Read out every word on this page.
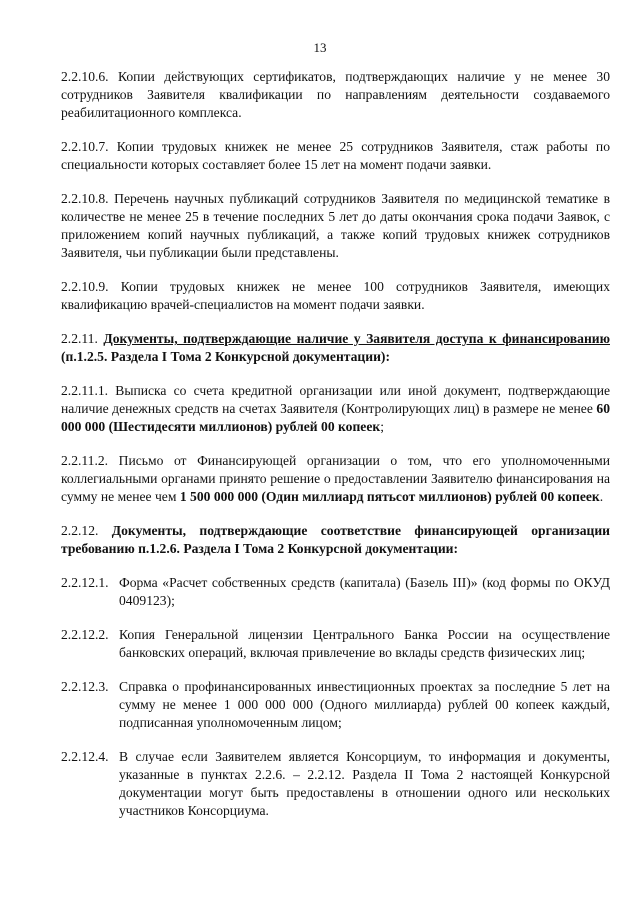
13

2.2.10.6. Копии действующих сертификатов, подтверждающих наличие у не менее 30 сотрудников Заявителя квалификации по направлениям деятельности создаваемого реабилитационного комплекса.

2.2.10.7. Копии трудовых книжек не менее 25 сотрудников Заявителя, стаж работы по специальности которых составляет более 15 лет на момент подачи заявки.

2.2.10.8. Перечень научных публикаций сотрудников Заявителя по медицинской тематике в количестве не менее 25 в течение последних 5 лет до даты окончания срока подачи Заявок, с приложением копий научных публикаций, а также копий трудовых книжек сотрудников Заявителя, чьи публикации были представлены.

2.2.10.9. Копии трудовых книжек не менее 100 сотрудников Заявителя, имеющих квалификацию врачей-специалистов на момент подачи заявки.

2.2.11. Документы, подтверждающие наличие у Заявителя доступа к финансированию (п.1.2.5. Раздела I Тома 2 Конкурсной документации):

2.2.11.1. Выписка со счета кредитной организации или иной документ, подтверждающие наличие денежных средств на счетах Заявителя (Контролирующих лиц) в размере не менее 60 000 000 (Шестидесяти миллионов) рублей 00 копеек;

2.2.11.2. Письмо от Финансирующей организации о том, что его уполномоченными коллегиальными органами принято решение о предоставлении Заявителю финансирования на сумму не менее чем 1 500 000 000 (Один миллиард пятьсот миллионов) рублей 00 копеек.

2.2.12. Документы, подтверждающие соответствие финансирующей организации требованию п.1.2.6. Раздела I Тома 2 Конкурсной документации:

2.2.12.1. Форма «Расчет собственных средств (капитала) (Базель III)» (код формы по ОКУД 0409123);
2.2.12.2. Копия Генеральной лицензии Центрального Банка России на осуществление банковских операций, включая привлечение во вклады средств физических лиц;
2.2.12.3. Справка о профинансированных инвестиционных проектах за последние 5 лет на сумму не менее 1 000 000 000 (Одного миллиарда) рублей 00 копеек каждый, подписанная уполномоченным лицом;
2.2.12.4. В случае если Заявителем является Консорциум, то информация и документы, указанные в пунктах 2.2.6. – 2.2.12. Раздела II Тома 2 настоящей Конкурсной документации могут быть предоставлены в отношении одного или нескольких участников Консорциума.
